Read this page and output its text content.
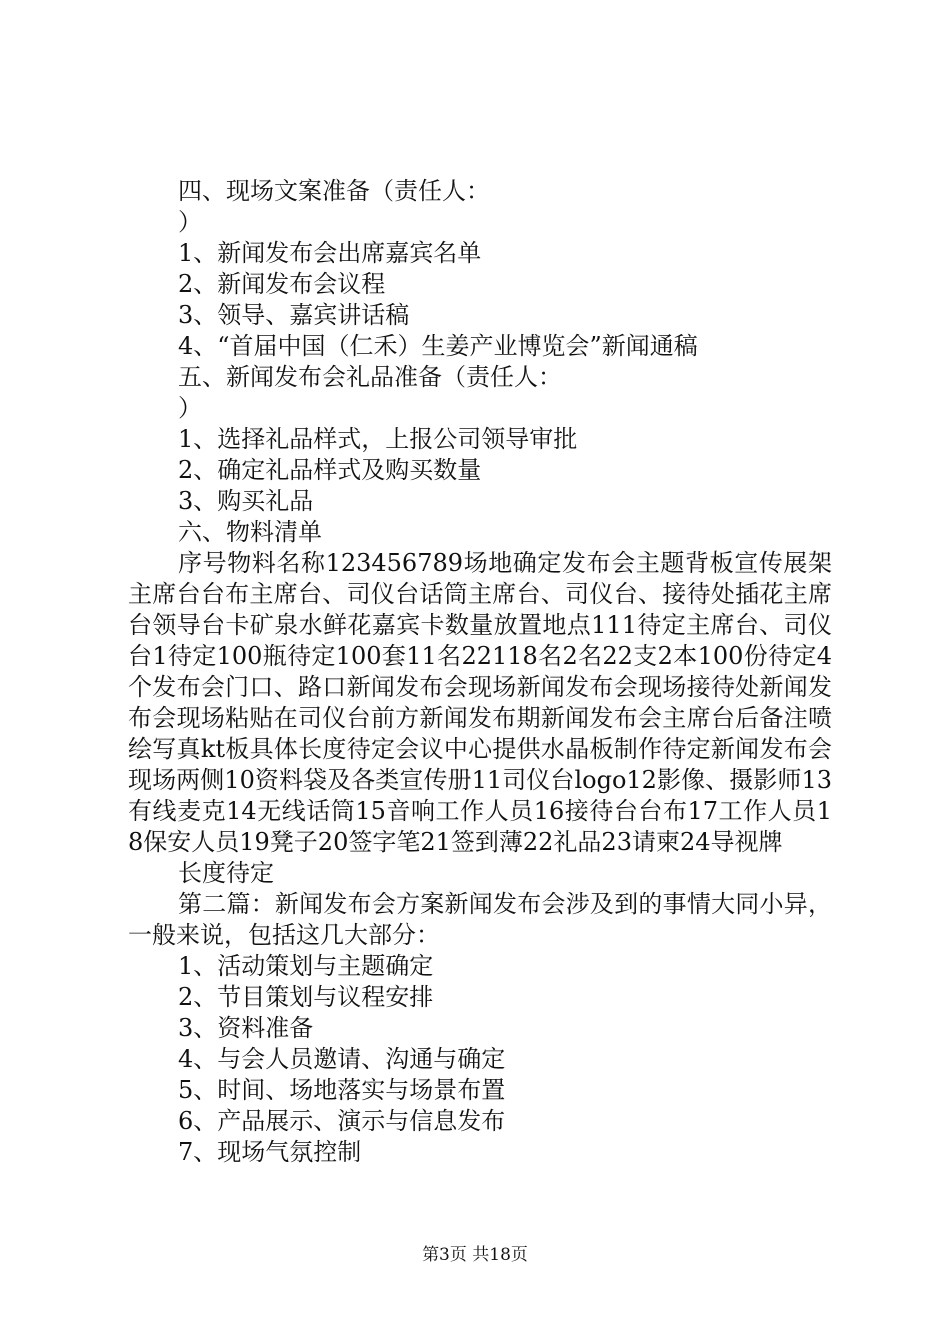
四、现场文案准备（责任人：
）
1、新闻发布会出席嘉宾名单
2、新闻发布会议程
3、领导、嘉宾讲话稿
4、“首届中国（仁禾）生姜产业博览会”新闻通稿
五、新闻发布会礼品准备（责任人：
）
1、选择礼品样式，上报公司领导审批
2、确定礼品样式及购买数量
3、购买礼品
六、物料清单
序号物料名称123456789场地确定发布会主题背板宣传展架主席台台布主席台、司仪台话筒主席台、司仪台、接待处插花主席台领导台卡矿泉水鲜花嘉宾卡数量放置地点111待定主席台、司仪台1待定100瓶待定100套11名22118名2名22支2本100份待定4个发布会门口、路口新闻发布会现场新闻发布会现场接待处新闻发布会现场粘贴在司仪台前方新闻发布期新闻发布会主席台后备注喷绘写真kt板具体长度待定会议中心提供水晶板制作待定新闻发布会现场两侧10资料袋及各类宣传册11司仪台logo12影像、摄影师13有线麦克14无线话筒15音响工作人员16接待台台布17工作人员18保安人员19凳子20签字笔21签到薄22礼品23请柬24导视牌
长度待定
第二篇：新闻发布会方案新闻发布会涉及到的事情大同小异，一般来说，包括这几大部分：
1、活动策划与主题确定
2、节目策划与议程安排
3、资料准备
4、与会人员邀请、沟通与确定
5、时间、场地落实与场景布置
6、产品展示、演示与信息发布
7、现场气氛控制
第3页 共18页
